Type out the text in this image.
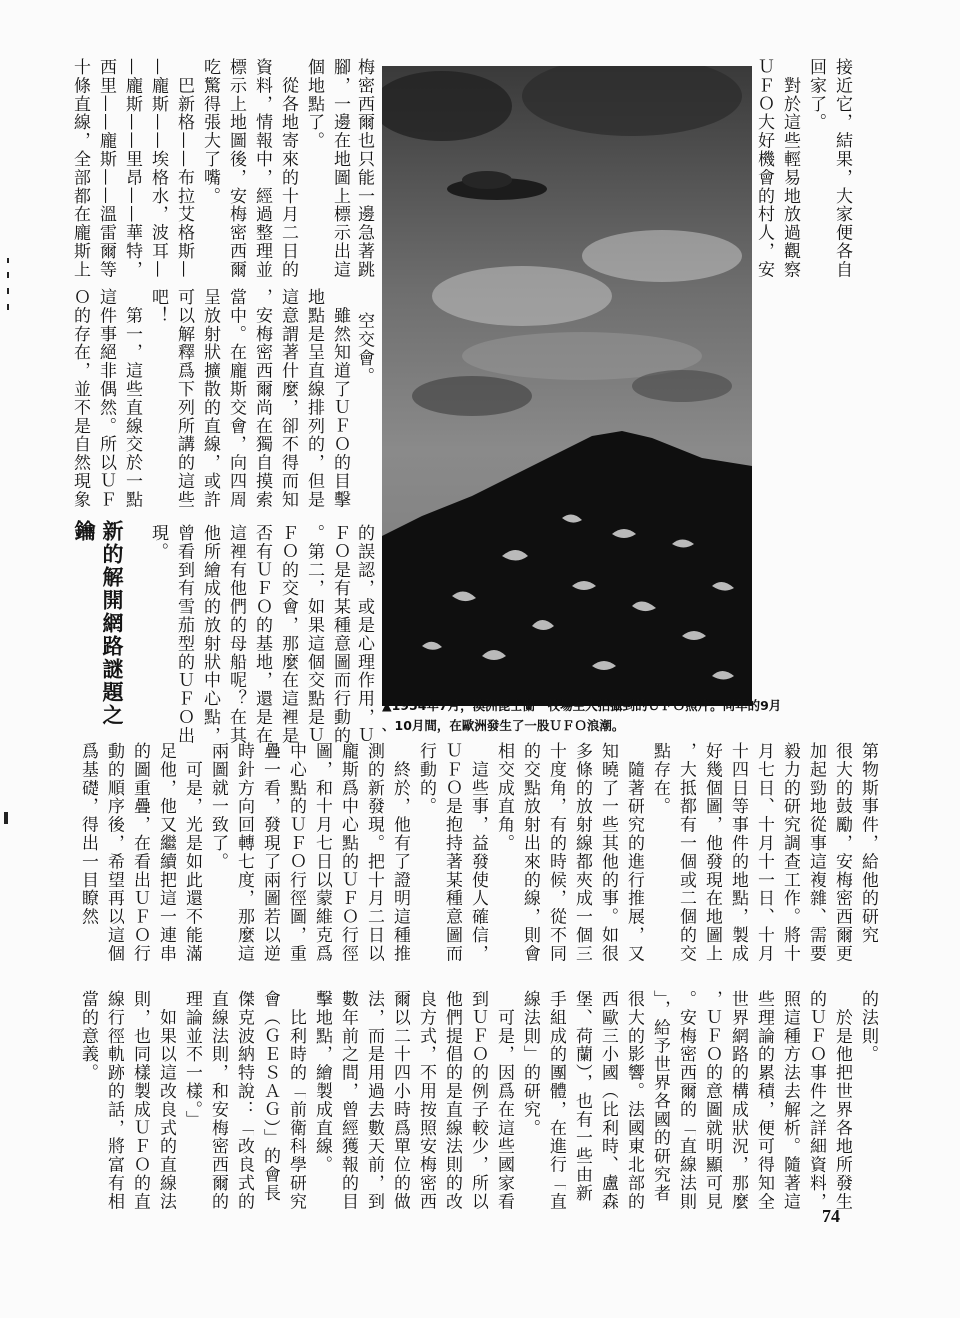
接近它，結果，大家便各自
回家了。
　對於這些輕易地放過觀察
ＵＦＯ大好機會的村人，安
空交會。
　雖然知道了ＵＦＯ的目擊
地點是呈直線排列的，但是
這意謂著什麼，卻不得而知
，安梅密西爾尚在獨自摸索
當中。在龐斯交會，向四周
呈放射狀擴散的直線，或許
可以解釋爲下列所講的這些
吧！
　第一，這些直線交於一點
這件事絕非偶然。所以ＵＦ
Ｏ的存在，並不是自然現象
梅密西爾也只能一邊急著跳
腳，一邊在地圖上標示出這
個地點了。
　從各地寄來的十月二日的
資料，情報中，經過整理並
標示上地圖後，安梅密西爾
吃驚得張大了嘴。
　巴新格——布拉艾格斯—
—龐斯——埃格水，波耳—
—龐斯——里昂——華特，
西里——龐斯——溫雷爾等
十條直線，全部都在龐斯上
的誤認，或是心理作用，Ｕ
ＦＯ是有某種意圖而行動的
。第二，如果這個交點是Ｕ
ＦＯ的交會，那麼在這裡是
否有ＵＦＯ的基地，還是在
這裡有他們的母船呢？在其
他所繪成的放射狀中心點，
曾看到有雪茄型的ＵＦＯ出
現。
新的解開網路謎題之
鑰
▲1954年7月，澳洲昆士蘭一牧場主人拍攝到的ＵＦＯ照片。同年的9月
、10月間，在歐洲發生了一股ＵＦＯ浪潮。
第物斯事件，給他的研究
很大的鼓勵，安梅密西爾更
加起勁地從事這複雜、需要
毅力的研究調查工作。將十
月七日、十月十一日、十月
十四日等事件的地點，製成
好幾個圖，他發現在地圖上
，大抵都有一個或二個的交
點存在。
　隨著研究的進行推展，又
知曉了一些其他的事。如很
多條的放射線都夾成一個三
十度角，有的時候，從不同
的交點放射出來的線，則會
相交成直角。
　這些事，益發使人確信，
ＵＦＯ是抱持著某種意圖而
行動的。
　終於，他有了證明這種推
測的新發現。把十月二日以
龐斯爲中心點的ＵＦＯ行徑
圖，和十月七日以蒙維克爲
中心點的ＵＦＯ行徑圖，重
疊一看，發現了兩圖若以逆
時針方向回轉七度，那麼這
兩圖就一致了。
　可是，光是如此還不能滿
足他，他又繼續把這一連串
的圖重疊，在看出ＵＦＯ行
動的順序後，希望再以這個
爲基礎，得出一目瞭然
的法則。
　於是他把世界各地所發生
的ＵＦＯ事件之詳細資料，
照這種方法去解析。隨著這
些理論的累積，便可得知全
世界網路的構成狀況，那麼
，ＵＦＯ的意圖就明顯可見
。安梅密西爾的「直線法則
」，給予世界各國的研究者
很大的影響。法國東北部的
西歐三小國（比利時、盧森
堡、荷蘭），也有一些由新
手組成的團體，在進行「直
線法則」的研究。
　可是，因爲在這些國家看
到ＵＦＯ的例子較少，所以
他們提倡的是直線法則的改
良方式，不用按照安梅密西
爾以二十四小時爲單位的做
法，而是用過去數天前，到
數年前之間，曾經獲報的目
擊地點，繪製成直線。
　比利時的「前衛科學研究
會（ＧＥＳＡＧ）」的會長
傑克波納特說：「改良式的
直線法則，和安梅密西爾的
理論並不一樣。」
　如果以這改良式的直線法
則，也同樣製成ＵＦＯ的直
線行徑軌跡的話，將富有相
當的意義。
74
